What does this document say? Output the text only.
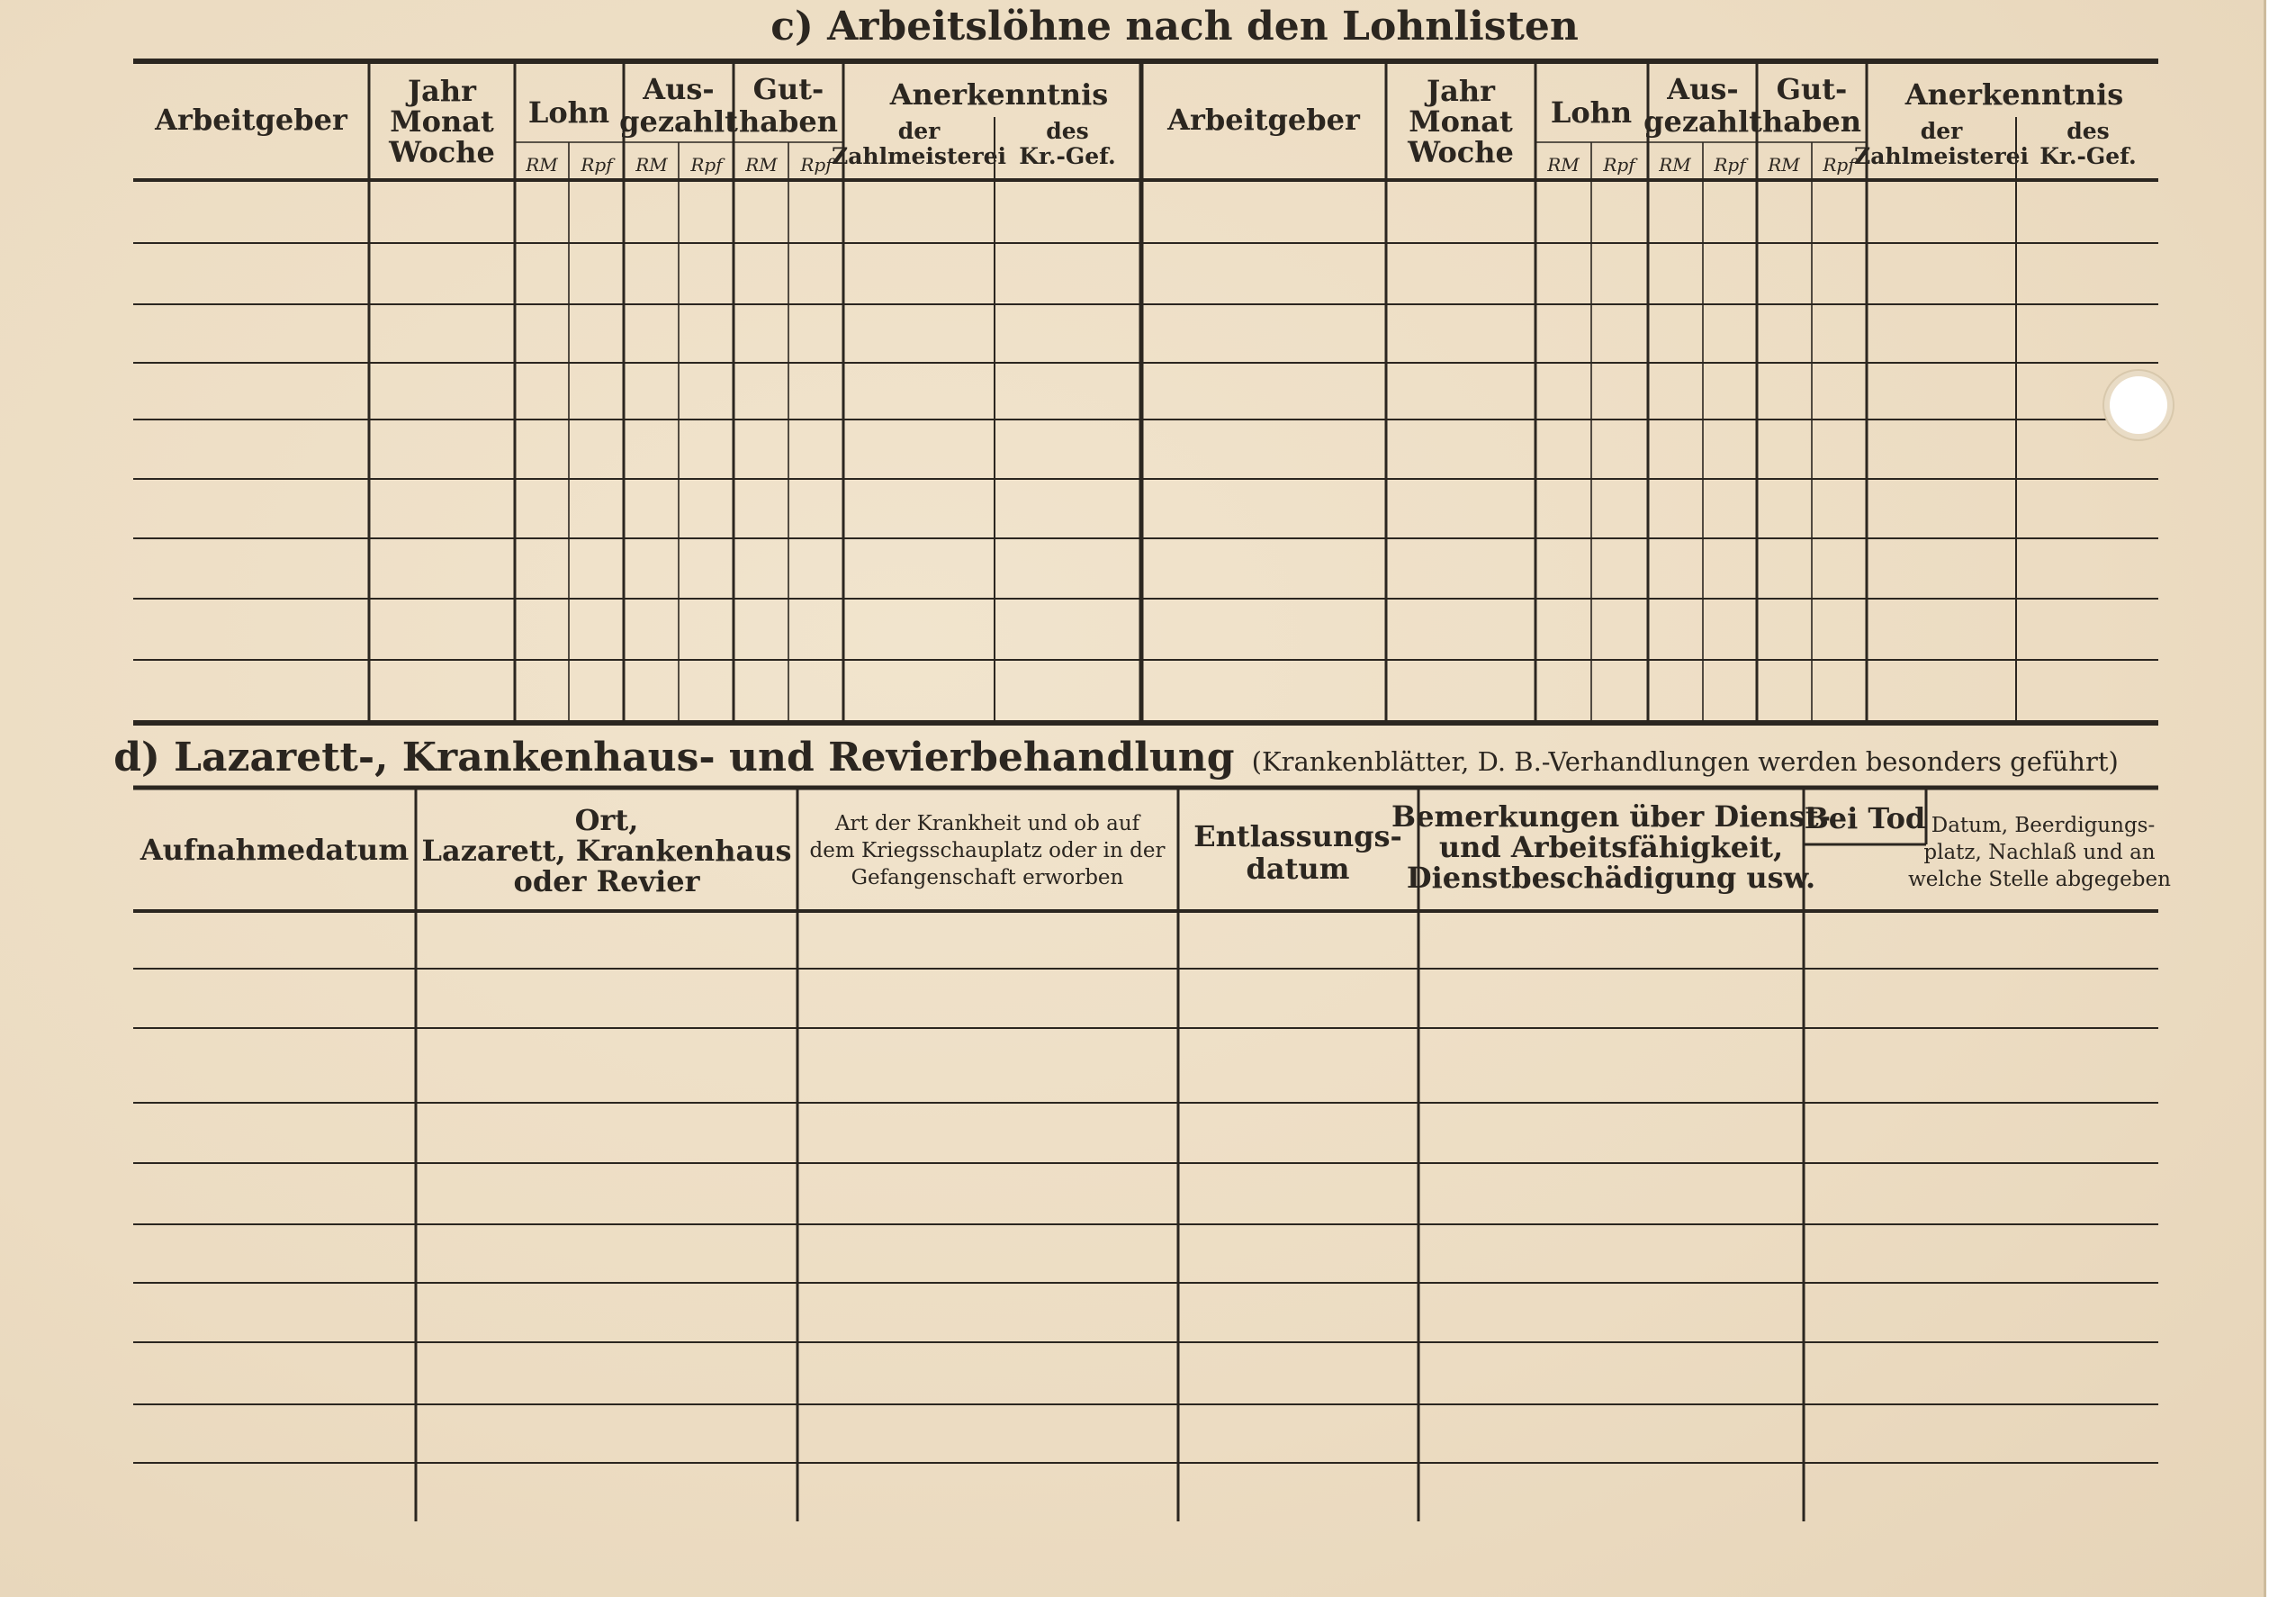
c) Arbeitslöhne nach den Lohnlisten
Arbeitgeber
Jahr
Monat
Woche
Lohn
Aus-
gezahlt
Gut-
haben
RM Rpf RM Rpf RM Rpf
Anerkenntnis
der
Zahlmeisterei
des
Kr.-Gef.
Arbeitgeber
Jahr
Monat
Woche
Lohn
Aus-
gezahlt
Gut-
haben
RM Rpf RM Rpf RM Rpf
Anerkenntnis
der
Zahlmeisterei
des
Kr.-Gef.
d) Lazarett-, Krankenhaus- und Revierbehandlung (Krankenblätter, D. B.-Verhandlungen werden besonders geführt)
Aufnahmedatum
Ort,
Lazarett, Krankenhaus
oder Revier
Art der Krankheit und ob auf
dem Kriegsschauplatz oder in der
Gefangenschaft erworben
Entlassungs-
datum
Bemerkungen über Dienst-
und Arbeitsfähigkeit,
Dienstbeschädigung usw.
Bei Tod Datum, Beerdigungs-
platz, Nachlaß und an
welche Stelle abgegeben
